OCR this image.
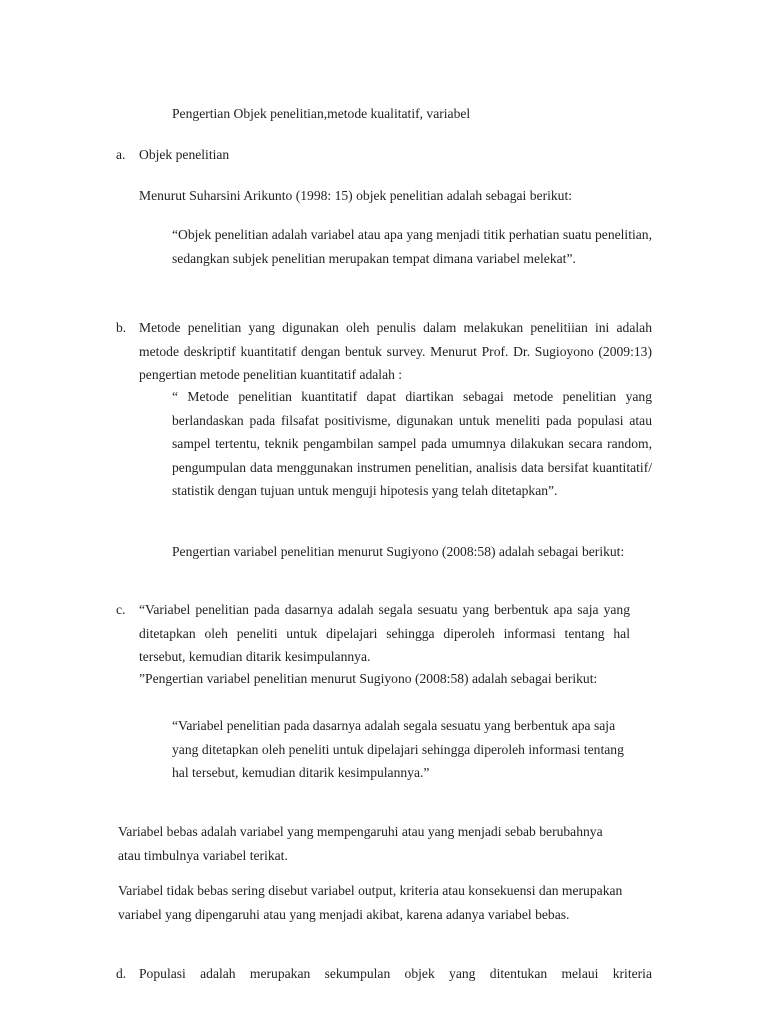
Pengertian Objek penelitian,metode kualitatif, variabel

a. Objek penelitian

Menurut Suharsini Arikunto (1998: 15) objek penelitian adalah sebagai berikut:

“Objek penelitian adalah variabel atau apa yang menjadi titik perhatian suatu penelitian, sedangkan subjek penelitian merupakan tempat dimana variabel melekat”.

b. Metode penelitian yang digunakan oleh penulis dalam melakukan penelitiian ini adalah metode deskriptif kuantitatif dengan bentuk survey. Menurut Prof. Dr. Sugioyono (2009:13) pengertian metode penelitian kuantitatif adalah :

“ Metode penelitian kuantitatif dapat diartikan sebagai metode penelitian yang berlandaskan pada filsafat positivisme, digunakan untuk meneliti pada populasi atau sampel tertentu, teknik pengambilan sampel pada umumnya dilakukan secara random, pengumpulan data menggunakan instrumen penelitian, analisis data bersifat kuantitatif/ statistik dengan tujuan untuk menguji hipotesis yang telah ditetapkan”.

Pengertian variabel penelitian menurut Sugiyono (2008:58) adalah sebagai berikut:

c. “Variabel penelitian pada dasarnya adalah segala sesuatu yang berbentuk apa saja yang ditetapkan oleh peneliti untuk dipelajari sehingga diperoleh informasi tentang hal tersebut, kemudian ditarik kesimpulannya.

”Pengertian variabel penelitian menurut Sugiyono (2008:58) adalah sebagai berikut:

“Variabel penelitian pada dasarnya adalah segala sesuatu yang berbentuk apa saja yang ditetapkan oleh peneliti untuk dipelajari sehingga diperoleh informasi tentang hal tersebut, kemudian ditarik kesimpulannya.”

Variabel bebas adalah variabel yang mempengaruhi atau yang menjadi sebab berubahnya atau timbulnya variabel terikat.

Variabel tidak bebas sering disebut variabel output, kriteria atau konsekuensi dan merupakan variabel yang dipengaruhi atau yang menjadi akibat, karena adanya variabel bebas.

d. Populasi adalah merupakan sekumpulan objek yang ditentukan melaui kriteria
